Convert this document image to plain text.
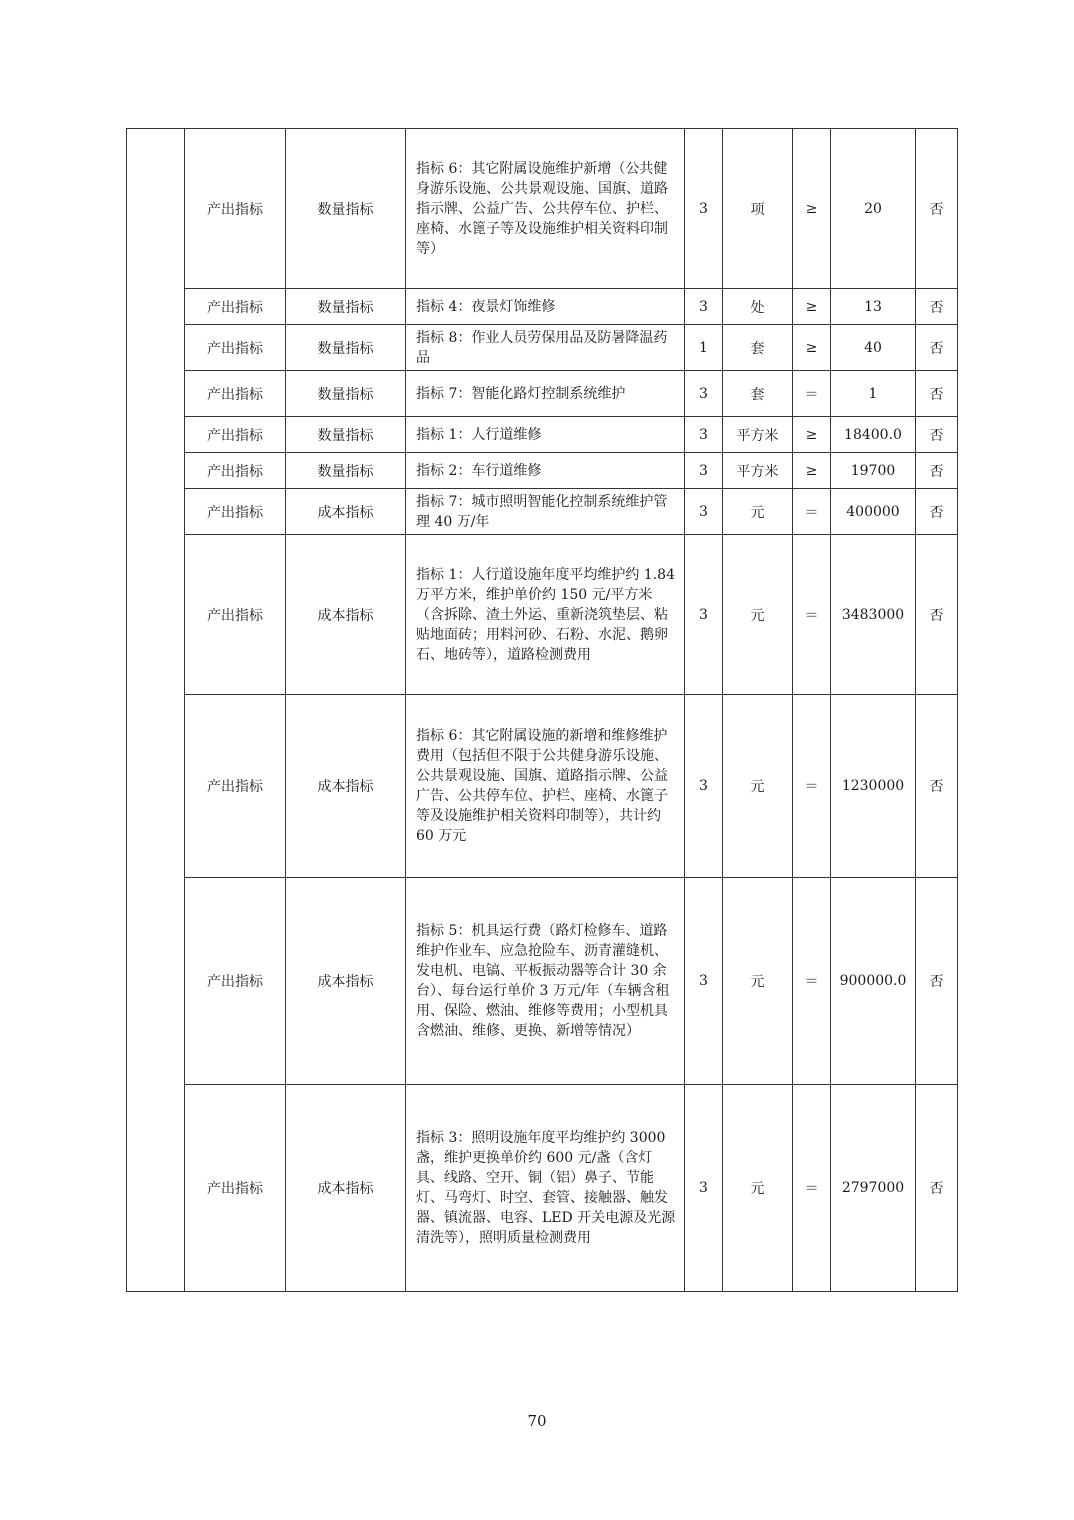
	产出指标	数量指标	指标 6：其它附属设施维护新增（公共健身游乐设施、公共景观设施、国旗、道路指示牌、公益广告、公共停车位、护栏、座椅、水篦子等及设施维护相关资料印制等）	3	项	≥	20	否
	产出指标	数量指标	指标 4：夜景灯饰维修	3	处	≥	13	否
	产出指标	数量指标	指标 8：作业人员劳保用品及防暑降温药品	1	套	≥	40	否
	产出指标	数量指标	指标 7：智能化路灯控制系统维护	3	套	＝	1	否
	产出指标	数量指标	指标 1：人行道维修	3	平方米	≥	18400.0	否
	产出指标	数量指标	指标 2：车行道维修	3	平方米	≥	19700	否
	产出指标	成本指标	指标 7：城市照明智能化控制系统维护管理 40 万/年	3	元	＝	400000	否
	产出指标	成本指标	指标 1：人行道设施年度平均维护约 1.84 万平方米，维护单价约 150 元/平方米（含拆除、渣土外运、重新浇筑垫层、粘贴地面砖；用料河砂、石粉、水泥、鹅卵石、地砖等），道路检测费用	3	元	＝	3483000	否
	产出指标	成本指标	指标 6：其它附属设施的新增和维修维护费用（包括但不限于公共健身游乐设施、公共景观设施、国旗、道路指示牌、公益广告、公共停车位、护栏、座椅、水篦子等及设施维护相关资料印制等），共计约 60 万元	3	元	＝	1230000	否
	产出指标	成本指标	指标 5：机具运行费（路灯检修车、道路维护作业车、应急抢险车、沥青灌缝机、发电机、电镐、平板振动器等合计 30 余台）、每台运行单价 3 万元/年（车辆含租用、保险、燃油、维修等费用；小型机具含燃油、维修、更换、新增等情况）	3	元	＝	900000.0	否
	产出指标	成本指标	指标 3：照明设施年度平均维护约 3000 盏，维护更换单价约 600 元/盏（含灯具、线路、空开、铜（铝）鼻子、节能灯、马弯灯、时空、套管、接触器、触发器、镇流器、电容、LED 开关电源及光源清洗等），照明质量检测费用	3	元	＝	2797000	否
70
